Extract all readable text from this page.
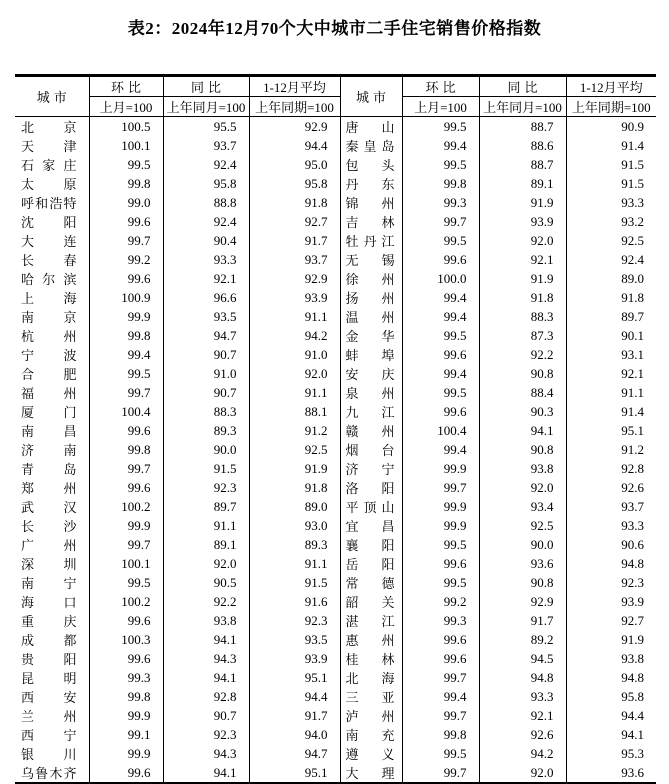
表2：2024年12月70个大中城市二手住宅销售价格指数
城市	环比	同比	1-12月平均	城市	环比	同比	1-12月平均
	上月=100	上年同月=100	上年同期=100		上月=100	上年同月=100	上年同期=100
北京	100.5	95.5	92.9	唐山	99.5	88.7	90.9
天津	100.1	93.7	94.4	秦皇岛	99.4	88.6	91.4
石家庄	99.5	92.4	95.0	包头	99.5	88.7	91.5
太原	99.8	95.8	95.8	丹东	99.8	89.1	91.5
呼和浩特	99.0	88.8	91.8	锦州	99.3	91.9	93.3
沈阳	99.6	92.4	92.7	吉林	99.7	93.9	93.2
大连	99.7	90.4	91.7	牡丹江	99.5	92.0	92.5
长春	99.2	93.3	93.7	无锡	99.6	92.1	92.4
哈尔滨	99.6	92.1	92.9	徐州	100.0	91.9	89.0
上海	100.9	96.6	93.9	扬州	99.4	91.8	91.8
南京	99.9	93.5	91.1	温州	99.4	88.3	89.7
杭州	99.8	94.7	94.2	金华	99.5	87.3	90.1
宁波	99.4	90.7	91.0	蚌埠	99.6	92.2	93.1
合肥	99.5	91.0	92.0	安庆	99.4	90.8	92.1
福州	99.7	90.7	91.1	泉州	99.5	88.4	91.1
厦门	100.4	88.3	88.1	九江	99.6	90.3	91.4
南昌	99.6	89.3	91.2	赣州	100.4	94.1	95.1
济南	99.8	90.0	92.5	烟台	99.4	90.8	91.2
青岛	99.7	91.5	91.9	济宁	99.9	93.8	92.8
郑州	99.6	92.3	91.8	洛阳	99.7	92.0	92.6
武汉	100.2	89.7	89.0	平顶山	99.9	93.4	93.7
长沙	99.9	91.1	93.0	宜昌	99.9	92.5	93.3
广州	99.7	89.1	89.3	襄阳	99.5	90.0	90.6
深圳	100.1	92.0	91.1	岳阳	99.6	93.6	94.8
南宁	99.5	90.5	91.5	常德	99.5	90.8	92.3
海口	100.2	92.2	91.6	韶关	99.2	92.9	93.9
重庆	99.6	93.8	92.3	湛江	99.3	91.7	92.7
成都	100.3	94.1	93.5	惠州	99.6	89.2	91.9
贵阳	99.6	94.3	93.9	桂林	99.6	94.5	93.8
昆明	99.3	94.1	95.1	北海	99.7	94.8	94.8
西安	99.8	92.8	94.4	三亚	99.4	93.3	95.8
兰州	99.9	90.7	91.7	泸州	99.7	92.1	94.4
西宁	99.1	92.3	94.0	南充	99.8	92.6	94.1
银川	99.9	94.3	94.7	遵义	99.5	94.2	95.3
乌鲁木齐	99.6	94.1	95.1	大理	99.7	92.0	93.6
